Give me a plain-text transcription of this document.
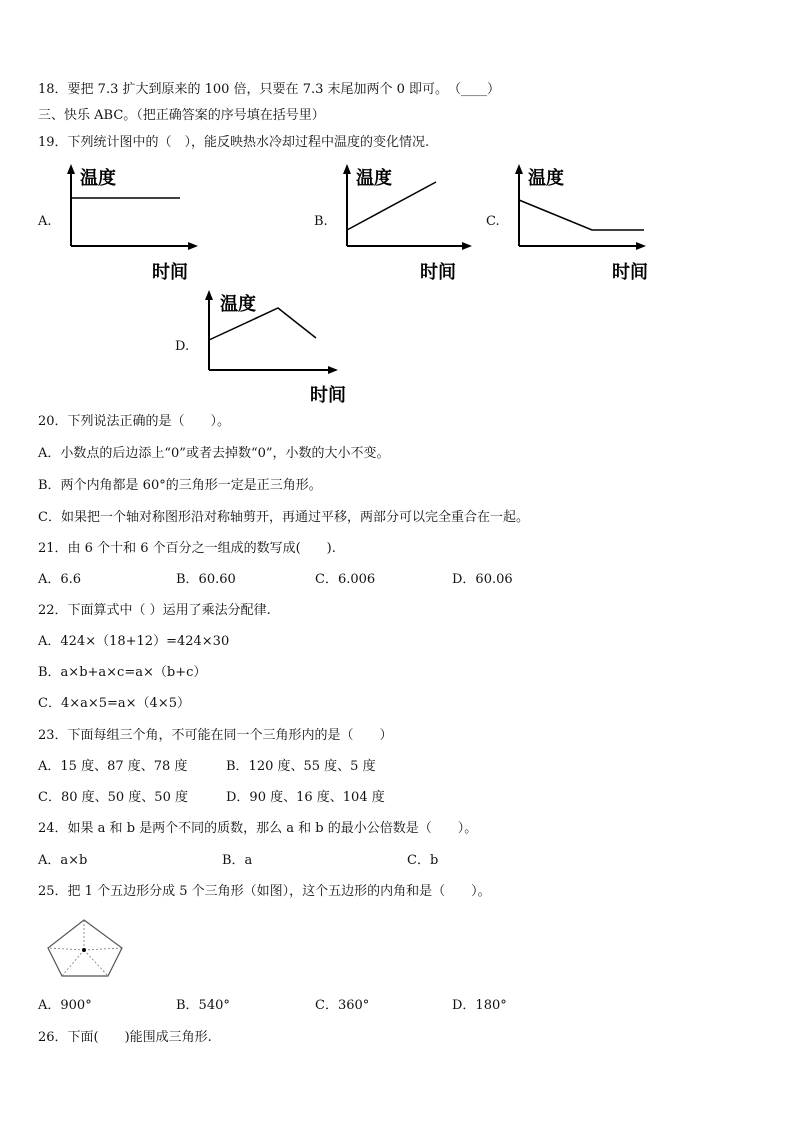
18．要把 7.3 扩大到原来的 100 倍，只要在 7.3 末尾加两个 0 即可。　（____）
三、快乐 ABC。（把正确答案的序号填在括号里）
19．下列统计图中的（　），能反映热水冷却过程中温度的变化情况.
A.	B.	C.
D.
温度
时间
温度
时间
温度
时间
温度
时间
20．下列说法正确的是（　　）。
A．小数点的后边添上“0”或者去掉数“0”，小数的大小不变。
B．两个内角都是 60°的三角形一定是正三角形。
C．如果把一个轴对称图形沿对称轴剪开，再通过平移，两部分可以完全重合在一起。
21．由 6 个十和 6 个百分之一组成的数写成(　　).
A．6.6	B．60.60	C．6.006	D．60.06
22．下面算式中（ ）运用了乘法分配律.
A．424×（18+12）=424×30
B．a×b+a×c=a×（b+c）
C．4×a×5=a×（4×5）
23．下面每组三个角，不可能在同一个三角形内的是（　　）
A．15 度、87 度、78 度	B．120 度、55 度、5 度
C．80 度、50 度、50 度	D．90 度、16 度、104 度
24．如果 a 和 b 是两个不同的质数，那么 a 和 b 的最小公倍数是（　　）。
A．a×b	B．a	C．b
25．把 1 个五边形分成 5 个三角形（如图），这个五边形的内角和是（　　）。
A．900°	B．540°	C．360°	D．180°
26．下面(　　)能围成三角形.
